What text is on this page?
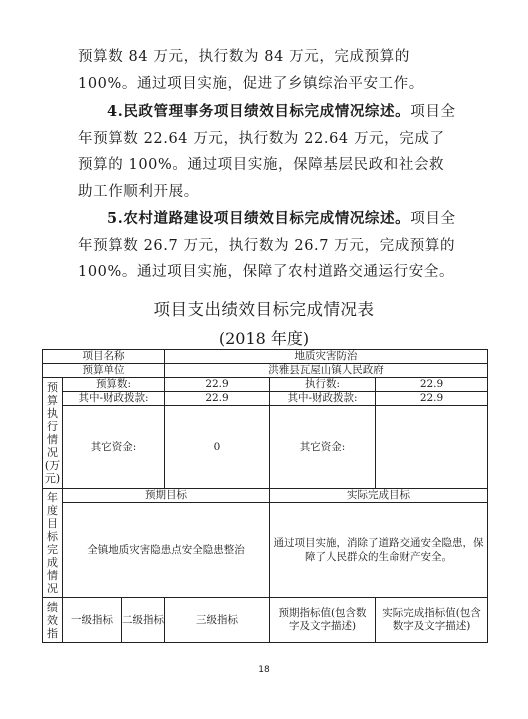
预算数 84 万元，执行数为 84 万元，完成预算的 100%。通过项目实施，促进了乡镇综治平安工作。
4.民政管理事务项目绩效目标完成情况综述。项目全年预算数 22.64 万元，执行数为 22.64 万元，完成了预算的 100%。通过项目实施，保障基层民政和社会救助工作顺利开展。
5.农村道路建设项目绩效目标完成情况综述。项目全年预算数 26.7 万元，执行数为 26.7 万元，完成预算的 100%。通过项目实施，保障了农村道路交通运行安全。
项目支出绩效目标完成情况表
(2018 年度)
项目名称			地质灾害防治		
预算单位			洪雅县瓦屋山镇人民政府		
预算执行情况(万元)	预算数:		22.9	执行数:	22.9
	其中-财政拨款:		22.9	其中-财政拨款:	22.9
	其它资金:		0	其它资金:	
年度目标完成情况	预期目标			实际完成目标	
	全镇地质灾害隐患点安全隐患整治			通过项目实施，消除了道路交通安全隐患，保障了人民群众的生命财产安全。	
绩效指	一级指标	二级指标	三级指标	预期指标值(包含数字及文字描述)	实际完成指标值(包含数字及文字描述)
18
